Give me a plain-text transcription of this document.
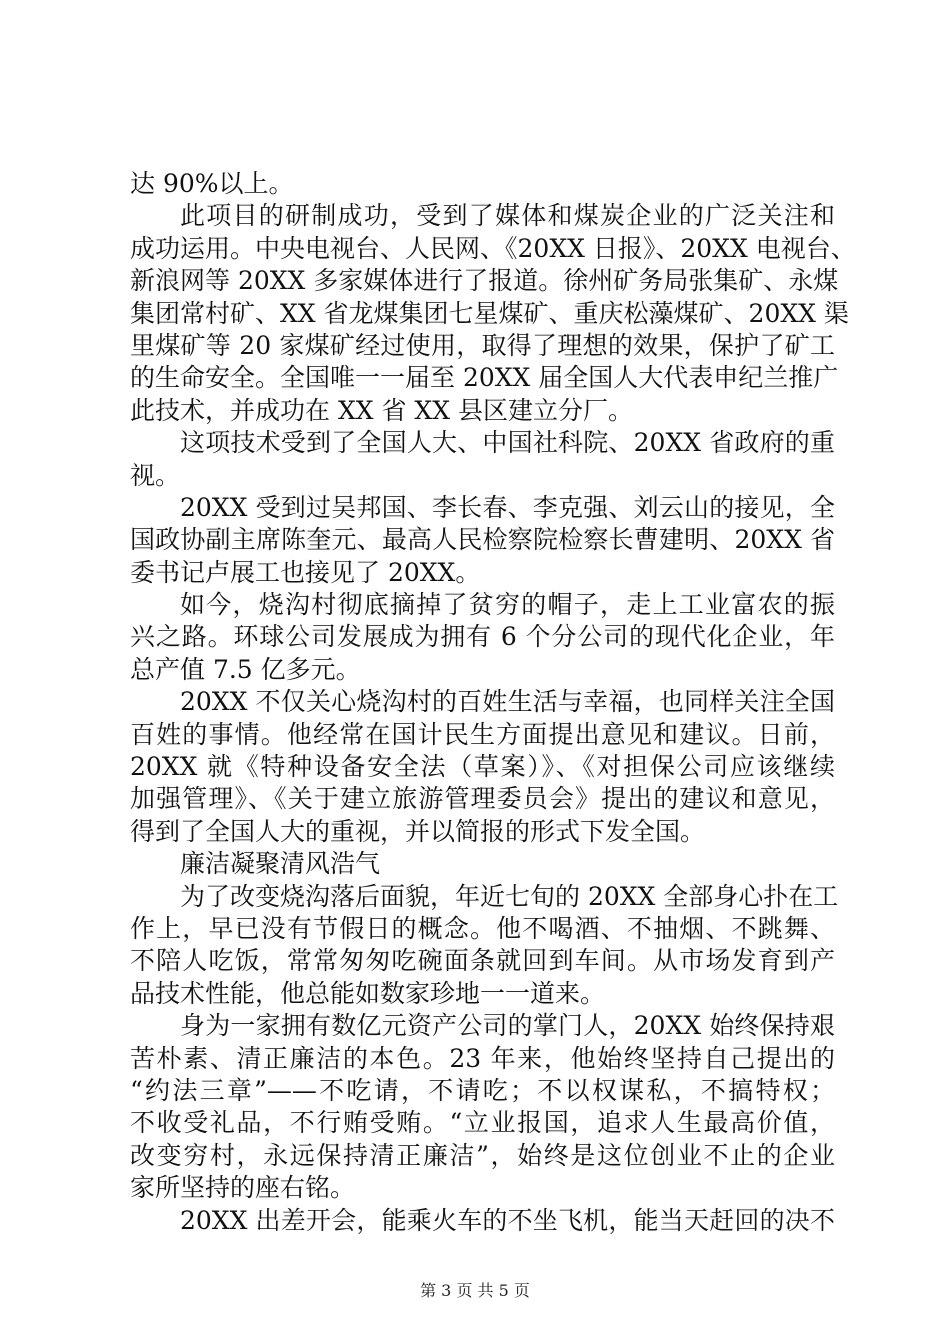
达 90%以上。
此项目的研制成功，受到了媒体和煤炭企业的广泛关注和
成功运用。中央电视台、人民网、《20XX 日报》、20XX 电视台、
新浪网等 20XX 多家媒体进行了报道。徐州矿务局张集矿、永煤
集团常村矿、XX 省龙煤集团七星煤矿、重庆松藻煤矿、20XX 渠
里煤矿等 20 家煤矿经过使用，取得了理想的效果，保护了矿工
的生命安全。全国唯一一届至 20XX 届全国人大代表申纪兰推广
此技术，并成功在 XX 省 XX 县区建立分厂。
这项技术受到了全国人大、中国社科院、20XX 省政府的重
视。
20XX 受到过吴邦国、李长春、李克强、刘云山的接见，全
国政协副主席陈奎元、最高人民检察院检察长曹建明、20XX 省
委书记卢展工也接见了 20XX。
如今，烧沟村彻底摘掉了贫穷的帽子，走上工业富农的振
兴之路。环球公司发展成为拥有 6 个分公司的现代化企业，年
总产值 7.5 亿多元。
20XX 不仅关心烧沟村的百姓生活与幸福，也同样关注全国
百姓的事情。他经常在国计民生方面提出意见和建议。日前，
20XX 就《特种设备安全法（草案）》、《对担保公司应该继续
加强管理》、《关于建立旅游管理委员会》提出的建议和意见，
得到了全国人大的重视，并以简报的形式下发全国。
廉洁凝聚清风浩气
为了改变烧沟落后面貌，年近七旬的 20XX 全部身心扑在工
作上，早已没有节假日的概念。他不喝酒、不抽烟、不跳舞、
不陪人吃饭，常常匆匆吃碗面条就回到车间。从市场发育到产
品技术性能，他总能如数家珍地一一道来。
身为一家拥有数亿元资产公司的掌门人，20XX 始终保持艰
苦朴素、清正廉洁的本色。23 年来，他始终坚持自己提出的
“约法三章”——不吃请，不请吃；不以权谋私，不搞特权；
不收受礼品，不行贿受贿。“立业报国，追求人生最高价值，
改变穷村，永远保持清正廉洁”，始终是这位创业不止的企业
家所坚持的座右铭。
20XX 出差开会，能乘火车的不坐飞机，能当天赶回的决不
第 3 页 共 5 页
